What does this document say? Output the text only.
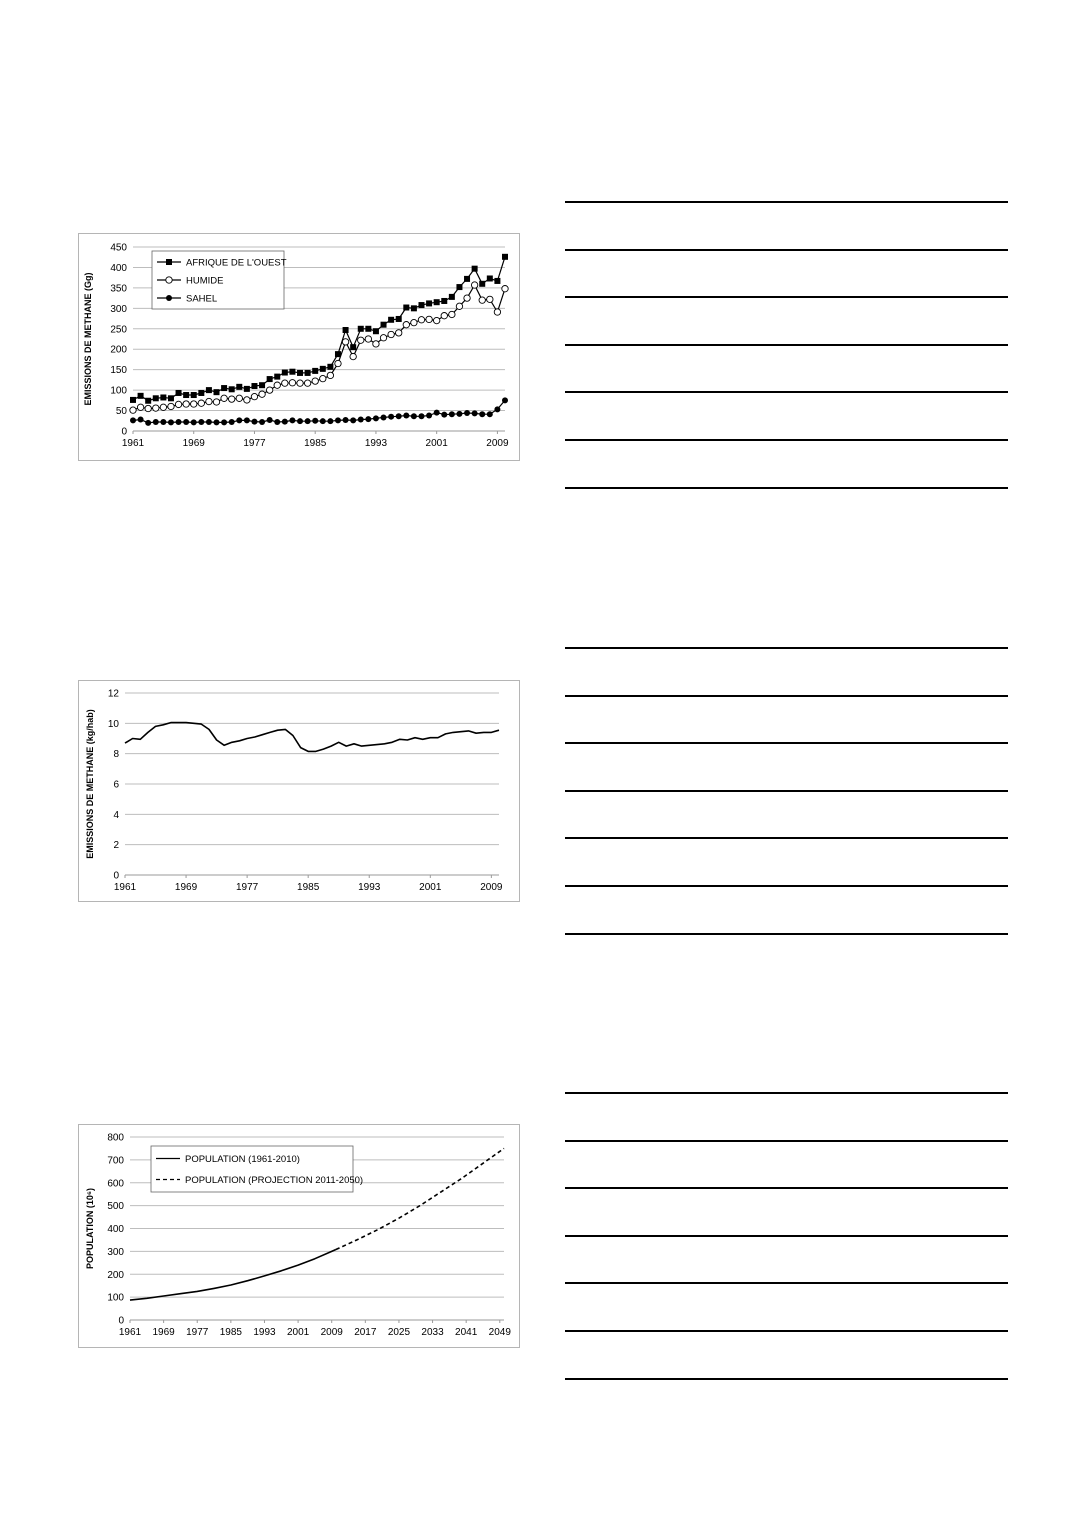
0
50
100
150
200
250
300
350
400
450
1961	1969	1977	1985	1993	2001	2009
EMISSIONS DE METHANE (Gg)
AFRIQUE DE L'OUEST
HUMIDE
SAHEL
0
2
4
6
8
10
12
1961	1969	1977	1985	1993	2001	2009
EMISSIONS DE METHANE (kg/hab)
0
100
200
300
400
500
600
700
800
1961 1969 1977 1985 1993 2001 2009 2017 2025 2033 2041 2049
POPULATION (10⁶)
POPULATION (1961-2010)
POPULATION (PROJECTION 2011-2050)
